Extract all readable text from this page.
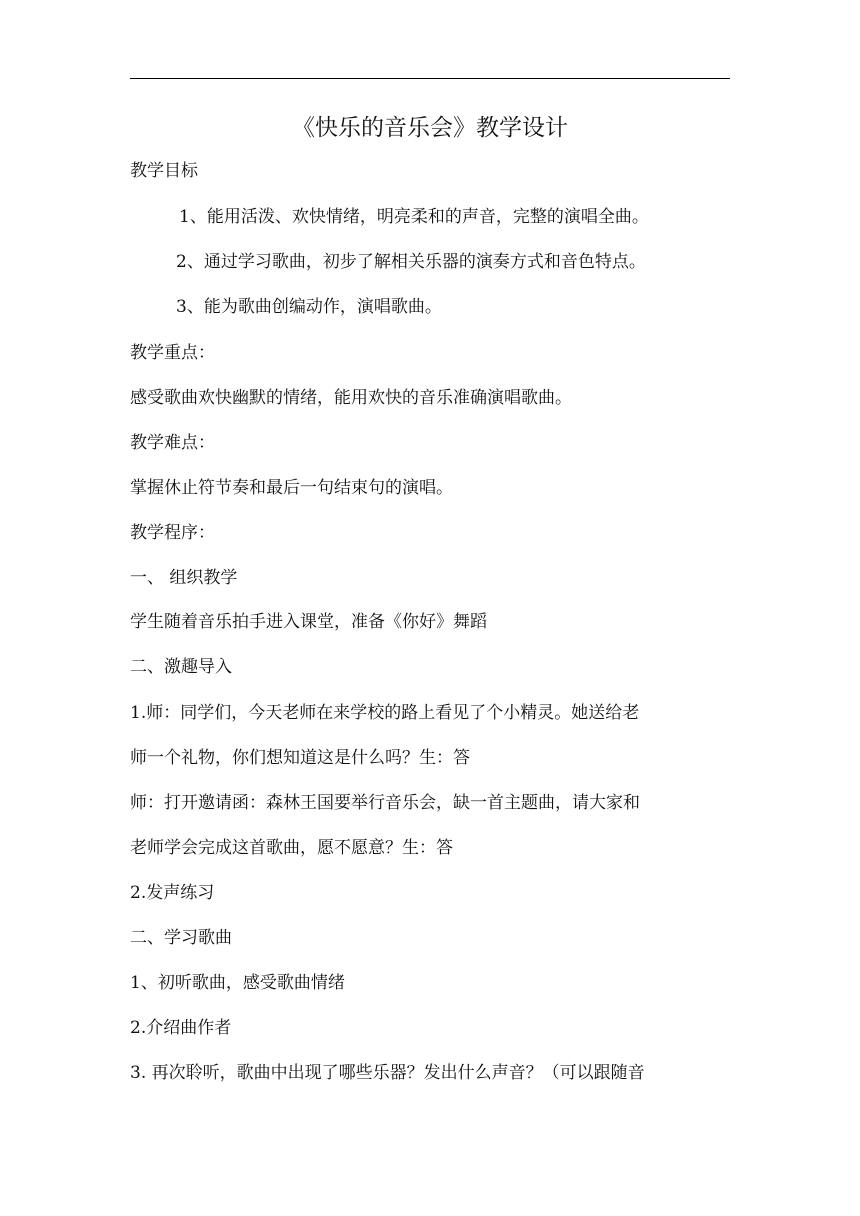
《快乐的音乐会》教学设计
教学目标
1、能用活泼、欢快情绪，明亮柔和的声音，完整的演唱全曲。
2、通过学习歌曲，初步了解相关乐器的演奏方式和音色特点。
3、能为歌曲创编动作，演唱歌曲。
教学重点：
感受歌曲欢快幽默的情绪，能用欢快的音乐准确演唱歌曲。
教学难点：
掌握休止符节奏和最后一句结束句的演唱。
教学程序：
一、 组织教学
学生随着音乐拍手进入课堂，准备《你好》舞蹈
二、激趣导入
1.师：同学们，今天老师在来学校的路上看见了个小精灵。她送给老
师一个礼物，你们想知道这是什么吗？生：答
师：打开邀请函：森林王国要举行音乐会，缺一首主题曲，请大家和
老师学会完成这首歌曲，愿不愿意？生：答
2.发声练习
二、学习歌曲
1、初听歌曲，感受歌曲情绪
2.介绍曲作者
3. 再次聆听，歌曲中出现了哪些乐器？发出什么声音？（可以跟随音
